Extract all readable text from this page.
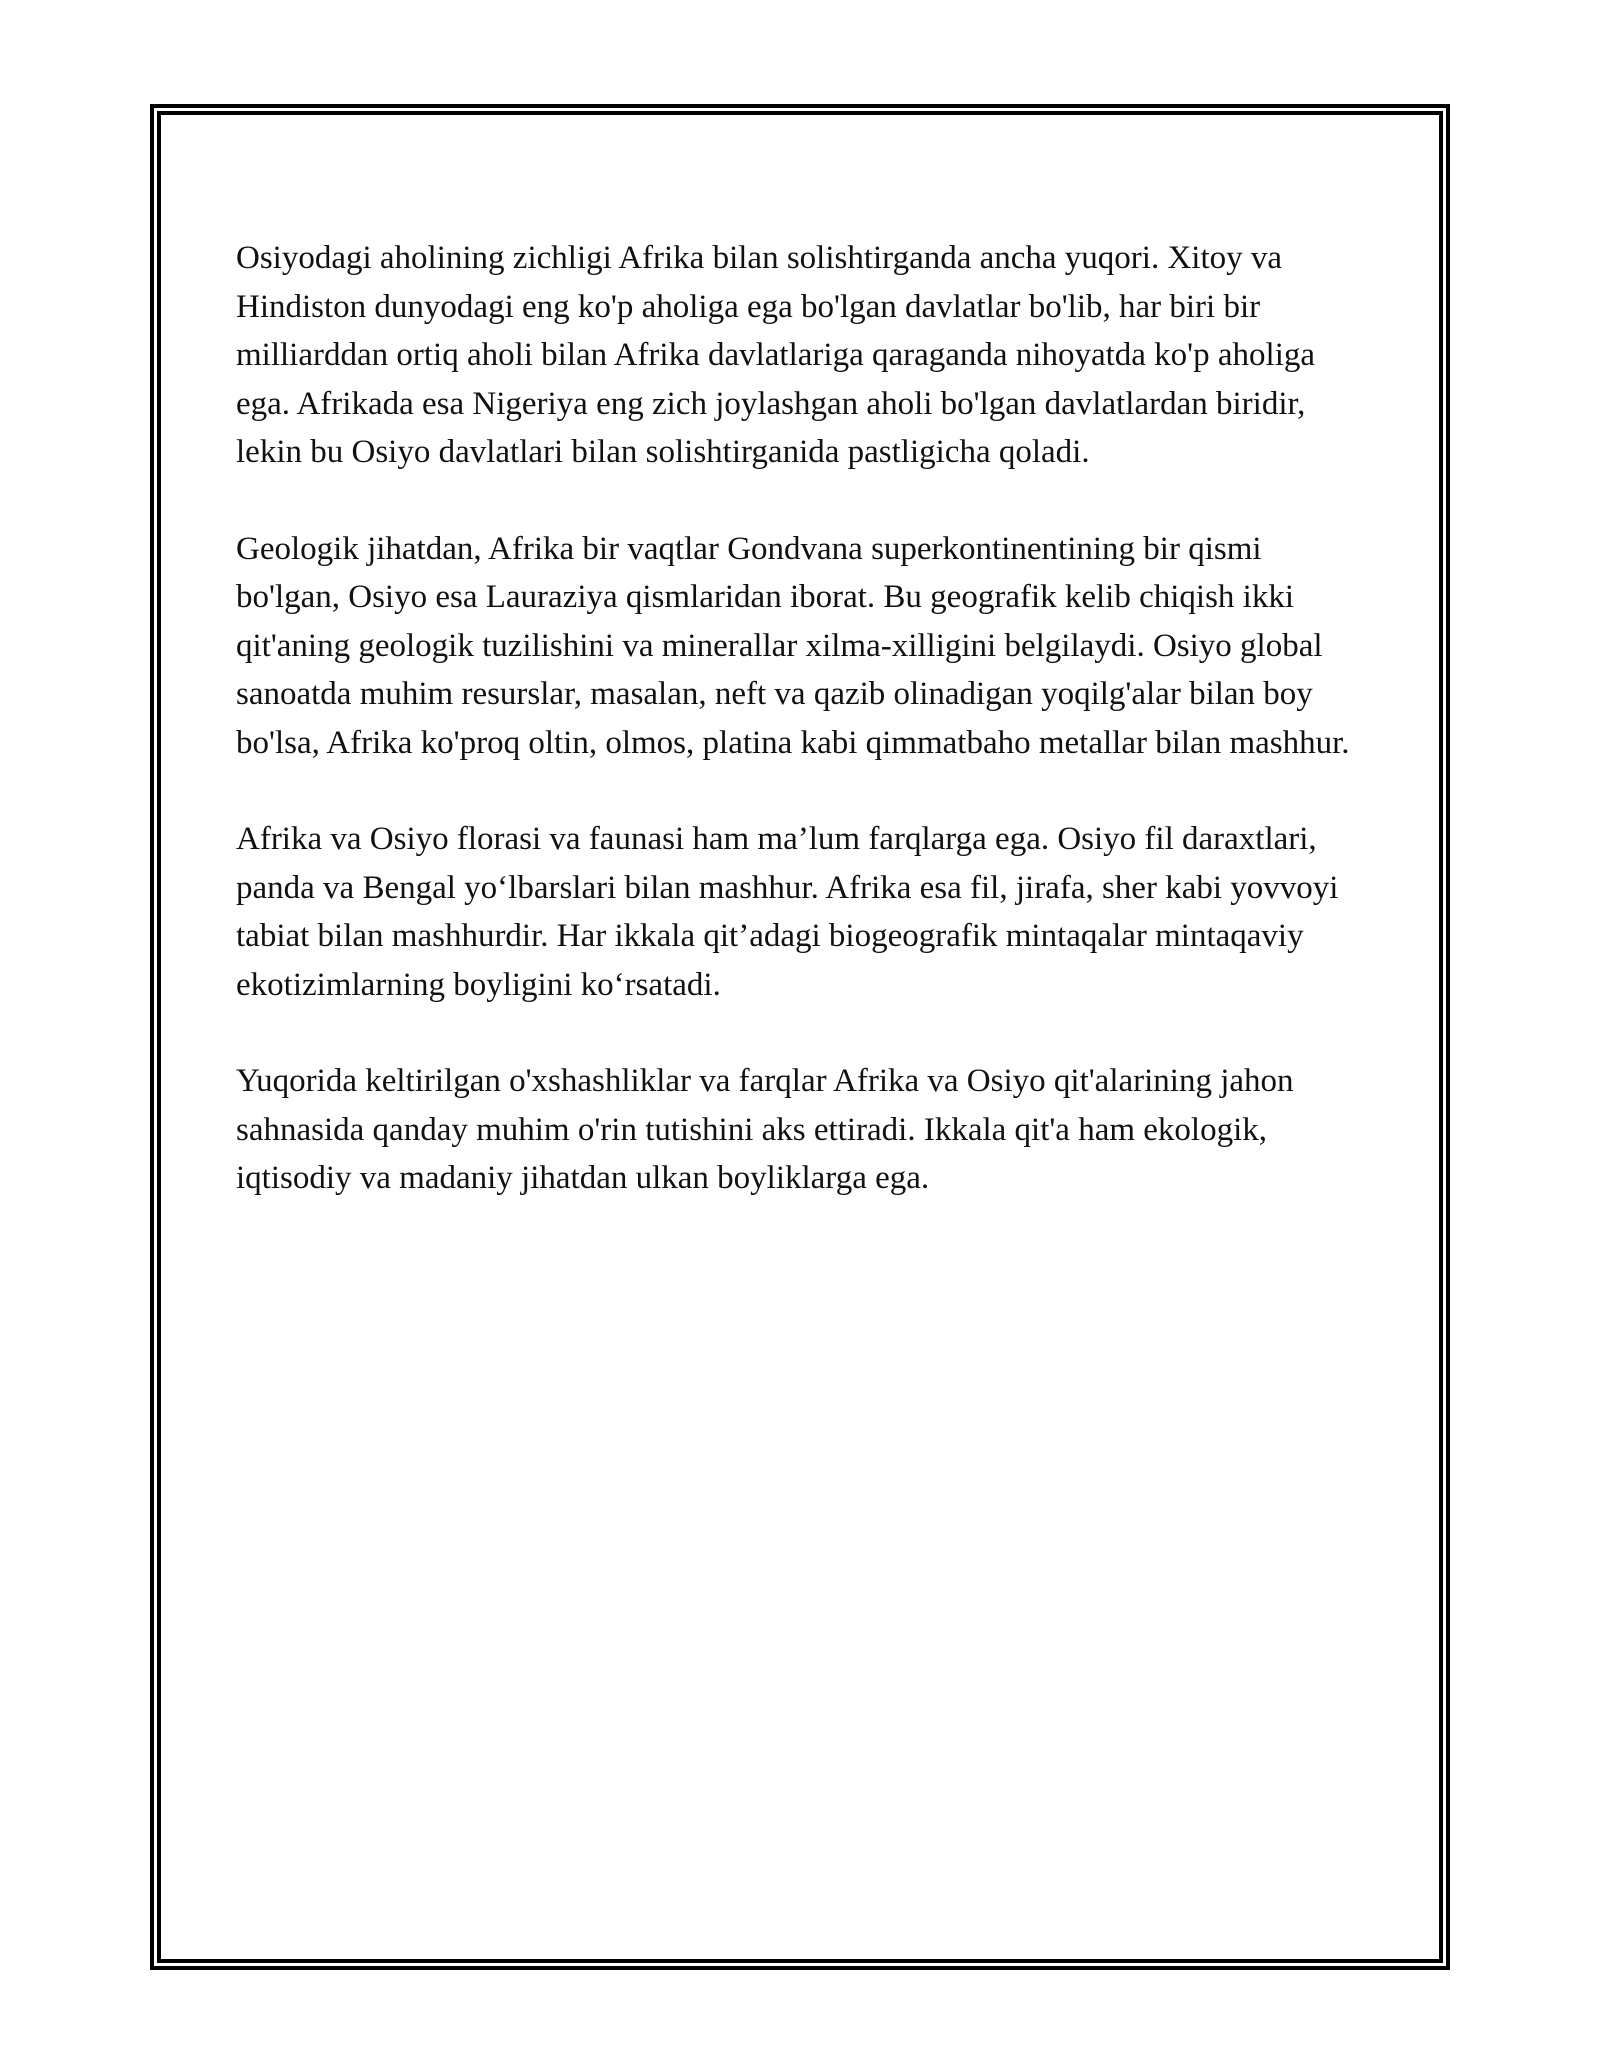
Osiyodagi aholining zichligi Afrika bilan solishtirganda ancha yuqori. Xitoy va Hindiston dunyodagi eng ko'p aholiga ega bo'lgan davlatlar bo'lib, har biri bir milliarddan ortiq aholi bilan Afrika davlatlariga qaraganda nihoyatda ko'p aholiga ega. Afrikada esa Nigeriya eng zich joylashgan aholi bo'lgan davlatlardan biridir, lekin bu Osiyo davlatlari bilan solishtirganida pastligicha qoladi.

Geologik jihatdan, Afrika bir vaqtlar Gondvana superkontinentining bir qismi bo'lgan, Osiyo esa Lauraziya qismlaridan iborat. Bu geografik kelib chiqish ikki qit'aning geologik tuzilishini va minerallar xilma-xilligini belgilaydi. Osiyo global sanoatda muhim resurslar, masalan, neft va qazib olinadigan yoqilg'alar bilan boy bo'lsa, Afrika ko'proq oltin, olmos, platina kabi qimmatbaho metallar bilan mashhur.

Afrika va Osiyo florasi va faunasi ham ma’lum farqlarga ega. Osiyo fil daraxtlari, panda va Bengal yo‘lbarslari bilan mashhur. Afrika esa fil, jirafa, sher kabi yovvoyi tabiat bilan mashhurdir. Har ikkala qit’adagi biogeografik mintaqalar mintaqaviy ekotizimlarning boyligini ko‘rsatadi.

Yuqorida keltirilgan o'xshashliklar va farqlar Afrika va Osiyo qit'alarining jahon sahnasida qanday muhim o'rin tutishini aks ettiradi. Ikkala qit'a ham ekologik, iqtisodiy va madaniy jihatdan ulkan boyliklarga ega.
